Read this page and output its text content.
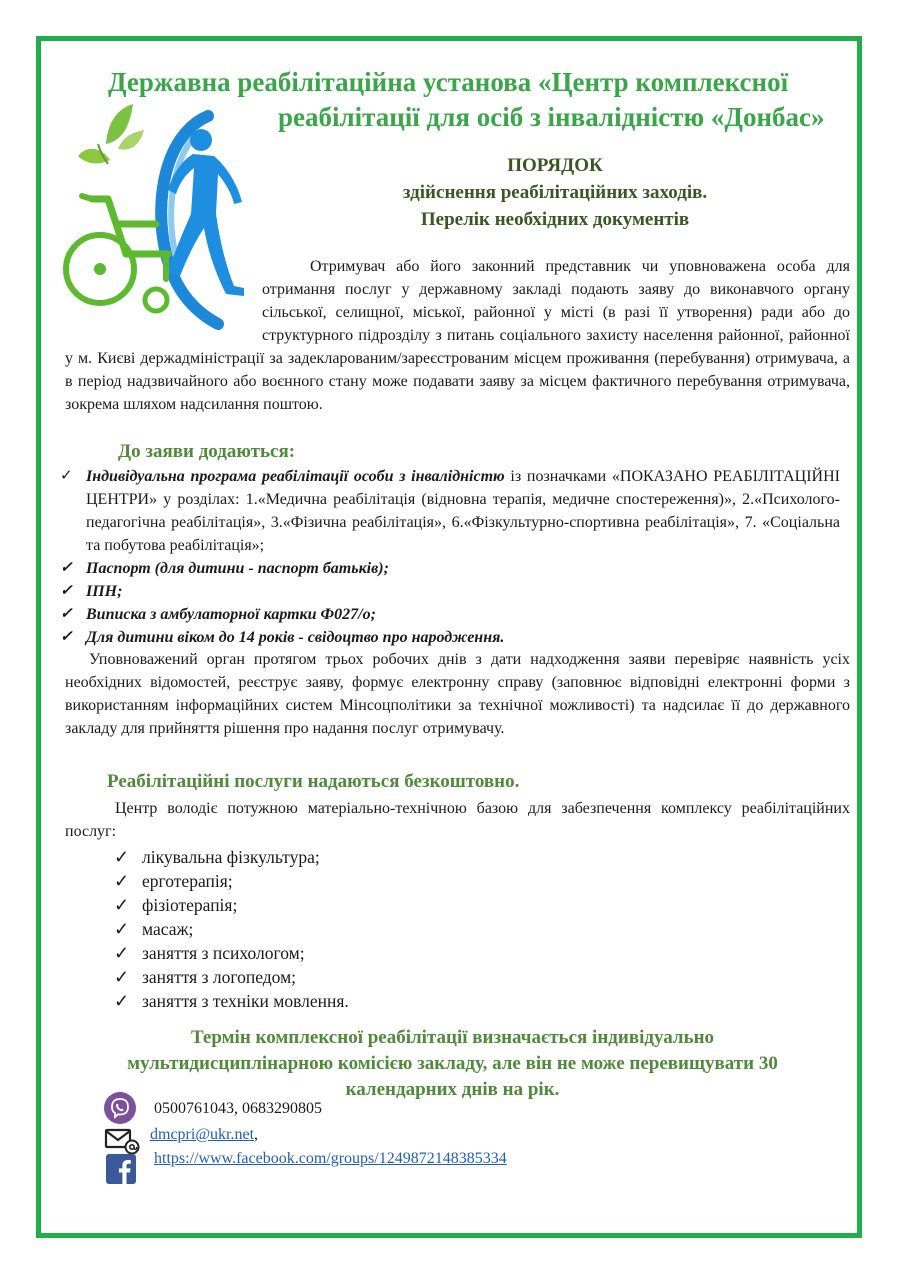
Державна реабілітаційна установа «Центр комплексної
реабілітації для осіб з інвалідністю «Донбас»
ПОРЯДОК
здійснення реабілітаційних заходів.
Перелік необхідних документів
Отримувач або його законний представник чи уповноважена особа для отримання послуг у державному закладі подають заяву до виконавчого органу сільської, селищної, міської, районної у місті (в разі її утворення) ради або до структурного підрозділу з питань соціального захисту населення районної, районної у м. Києві держадміністрації за задекларованим/зареєстрованим місцем проживання (перебування) отримувача, а в період надзвичайного або воєнного стану може подавати заяву за місцем фактичного перебування отримувача, зокрема шляхом надсилання поштою.
До заяви додаються:
✓ Індивідуальна програма реабілітації особи з інвалідністю із позначками «ПОКАЗАНО РЕАБІЛІТАЦІЙНІ ЦЕНТРИ» у розділах: 1.«Медична реабілітація (відновна терапія, медичне спостереження)», 2.«Психолого-педагогічна реабілітація», 3.«Фізична реабілітація», 6.«Фізкультурно-спортивна реабілітація», 7. «Соціальна та побутова реабілітація»;
✓ Паспорт (для дитини - паспорт батьків);
✓ ІПН;
✓ Виписка з амбулаторної картки Ф027/о;
✓ Для дитини віком до 14 років - свідоцтво про народження.
Уповноважений орган протягом трьох робочих днів з дати надходження заяви перевіряє наявність усіх необхідних відомостей, реєструє заяву, формує електронну справу (заповнює відповідні електронні форми з використанням інформаційних систем Мінсоцполітики за технічної можливості) та надсилає її до державного закладу для прийняття рішення про надання послуг отримувачу.
Реабілітаційні послуги надаються безкоштовно.
Центр володіє потужною матеріально-технічною базою для забезпечення комплексу реабілітаційних послуг:
✓ лікувальна фізкультура;
✓ ерготерапія;
✓ фізіотерапія;
✓ масаж;
✓ заняття з психологом;
✓ заняття з логопедом;
✓ заняття з техніки мовлення.
Термін комплексної реабілітації визначається індивідуально
мультидисциплінарною комісією закладу, але він не може перевищувати 30
календарних днів на рік.
0500761043, 0683290805
dmcpri@ukr.net,
https://www.facebook.com/groups/1249872148385334
